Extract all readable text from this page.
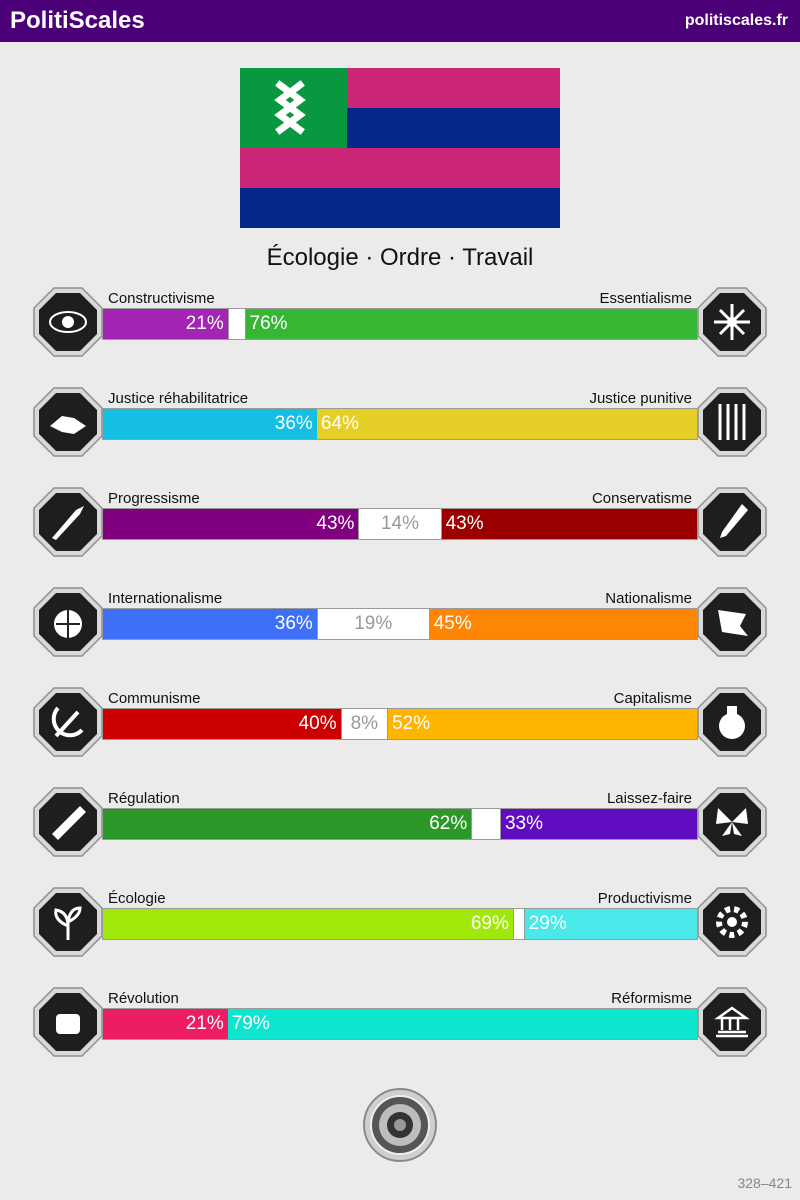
PolitiScales	politiscales.fr
Écologie · Ordre · Travail
Constructivisme	Essentialisme
21% 76%
Justice réhabilitatrice	Justice punitive
36% 64%
Progressisme	Conservatisme
43%	14%	43%
Internationalisme	Nationalisme
36%	19%	45%
Communisme	Capitalisme
40% 8% 52%
Régulation	Laissez-faire
62% 33%
Écologie	Productivisme
69% 29%
Révolution	Réformisme
21% 79%
328–421
